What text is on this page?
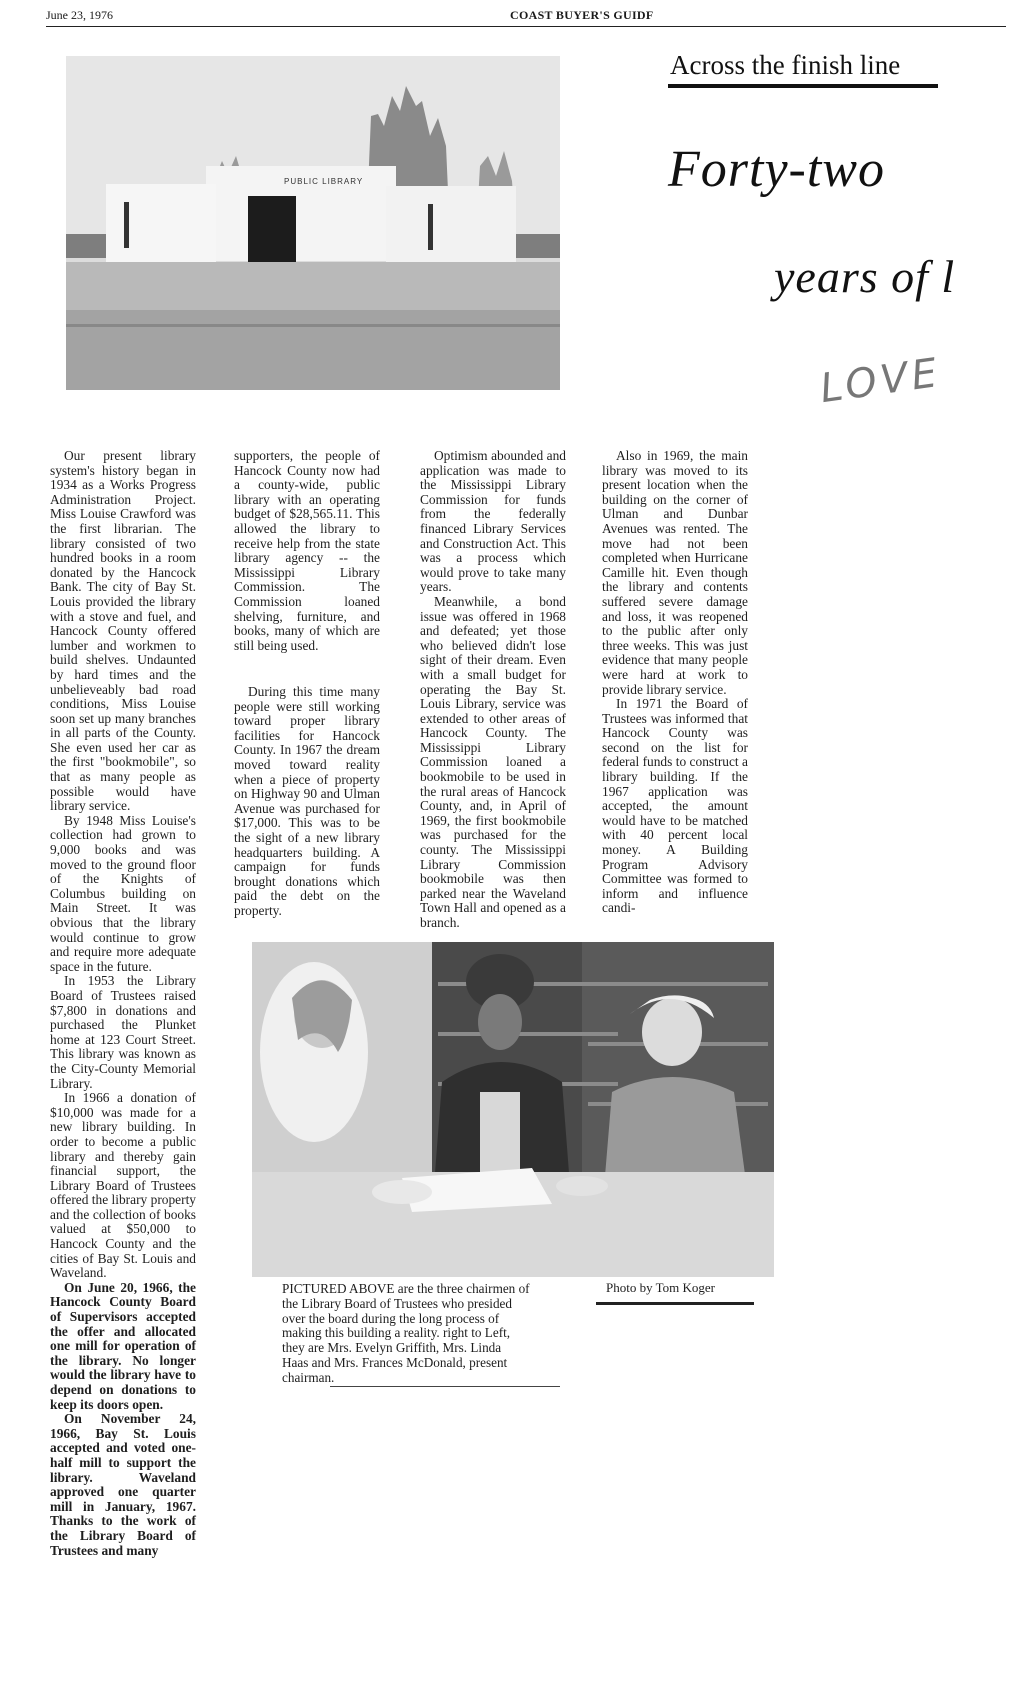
June 23, 1976	COAST BUYER'S GUIDF
PUBLIC LIBRARY
Across the finish line
Forty-two
years of l
LOVE

Our present library system's history began in 1934 as a Works Progress Administration Project. Miss Louise Crawford was the first librarian. The library consisted of two hundred books in a room donated by the Hancock Bank. The city of Bay St. Louis provided the library with a stove and fuel, and Hancock County offered lumber and workmen to build shelves. Undaunted by hard times and the unbelieveably bad road conditions, Miss Louise soon set up many branches in all parts of the County. She even used her car as the first "bookmobile", so that as many people as possible would have library service.

By 1948 Miss Louise's collection had grown to 9,000 books and was moved to the ground floor of the Knights of Columbus building on Main Street. It was obvious that the library would continue to grow and require more adequate space in the future.

In 1953 the Library Board of Trustees raised $7,800 in donations and purchased the Plunket home at 123 Court Street. This library was known as the City-County Memorial Library.

In 1966 a donation of $10,000 was made for a new library building. In order to become a public library and thereby gain financial support, the Library Board of Trustees offered the library property and the collection of books valued at $50,000 to Hancock County and the cities of Bay St. Louis and Waveland.

On June 20, 1966, the Hancock County Board of Supervisors accepted the offer and allocated one mill for operation of the library. No longer would the library have to depend on donations to keep its doors open.

On November 24, 1966, Bay St. Louis accepted and voted one-half mill to support the library. Waveland approved one quarter mill in January, 1967. Thanks to the work of the Library Board of Trustees and many

supporters, the people of Hancock County now had a county-wide, public library with an operating budget of $28,565.11. This allowed the library to receive help from the state library agency -- the Mississippi Library Commission. The Commission loaned shelving, furniture, and books, many of which are still being used.

During this time many people were still working toward proper library facilities for Hancock County. In 1967 the dream moved toward reality when a piece of property on Highway 90 and Ulman Avenue was purchased for $17,000. This was to be the sight of a new library headquarters building. A campaign for funds brought donations which paid the debt on the property.

Optimism abounded and application was made to the Mississippi Library Commission for funds from the federally financed Library Services and Construction Act. This was a process which would prove to take many years.

Meanwhile, a bond issue was offered in 1968 and defeated; yet those who believed didn't lose sight of their dream. Even with a small budget for operating the Bay St. Louis Library, service was extended to other areas of Hancock County. The Mississippi Library Commission loaned a bookmobile to be used in the rural areas of Hancock County, and, in April of 1969, the first bookmobile was purchased for the county. The Mississippi Library Commission bookmobile was then parked near the Waveland Town Hall and opened as a branch.

Also in 1969, the main library was moved to its present location when the building on the corner of Ulman and Dunbar Avenues was rented. The move had not been completed when Hurricane Camille hit. Even though the library and contents suffered severe damage and loss, it was reopened to the public after only three weeks. This was just evidence that many people were hard at work to provide library service.

In 1971 the Board of Trustees was informed that Hancock County was second on the list for federal funds to construct a library building. If the 1967 application was accepted, the amount would have to be matched with 40 percent local money. A Building Program Advisory Committee was formed to inform and influence candi-

PICTURED ABOVE are the three chairmen of the Library Board of Trustees who presided over the board during the long process of making this building a reality. right to Left, they are Mrs. Evelyn Griffith, Mrs. Linda Haas and Mrs. Frances McDonald, present chairman.
Photo by Tom Koger
